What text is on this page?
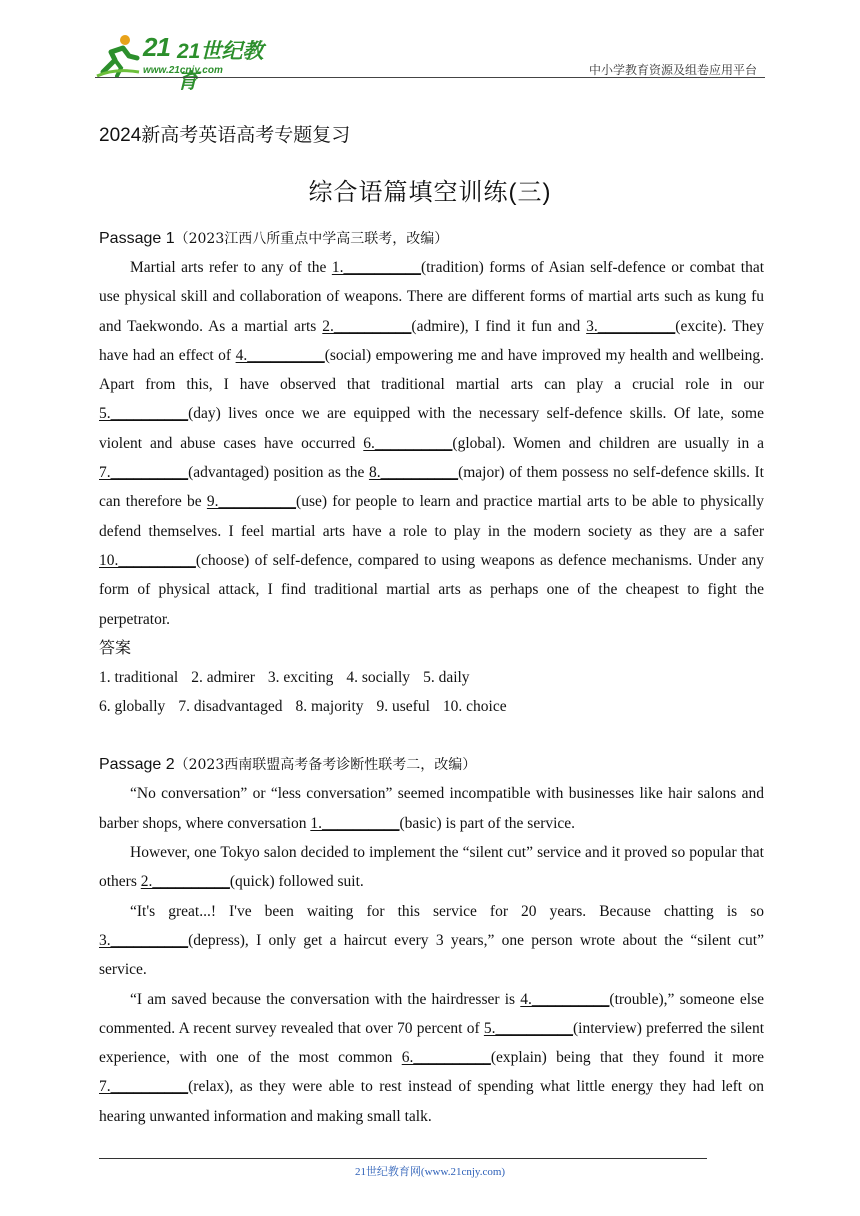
21 21世纪教育
www.21cnjy.com	中小学教育资源及组卷应用平台
2024新高考英语高考专题复习
综合语篇填空训练(三)

Passage 1（2023江西八所重点中学高三联考，改编）

Martial arts refer to any of the 1.__________(tradition) forms of Asian self-defence or combat that use physical skill and collaboration of weapons. There are different forms of martial arts such as kung fu and Taekwondo. As a martial arts 2.__________(admire), I find it fun and 3.__________(excite). They have had an effect of 4.__________(social) empowering me and have improved my health and wellbeing. Apart from this, I have observed that traditional martial arts can play a crucial role in our 5.__________(day) lives once we are equipped with the necessary self-defence skills. Of late, some violent and abuse cases have occurred 6.__________(global). Women and children are usually in a 7.__________(advantaged) position as the 8.__________(major) of them possess no self-defence skills. It can therefore be 9.__________(use) for people to learn and practice martial arts to be able to physically defend themselves. I feel martial arts have a role to play in the modern society as they are a safer 10.__________(choose) of self-defence, compared to using weapons as defence mechanisms. Under any form of physical attack, I find traditional martial arts as perhaps one of the cheapest to fight the perpetrator.

答案

1. traditional 2. admirer 3. exciting 4. socially 5. daily

6. globally 7. disadvantaged 8. majority 9. useful 10. choice

Passage 2（2023西南联盟高考备考诊断性联考二，改编）

“No conversation” or “less conversation” seemed incompatible with businesses like hair salons and barber shops, where conversation 1.__________(basic) is part of the service.

However, one Tokyo salon decided to implement the “silent cut” service and it proved so popular that others 2.__________(quick) followed suit.

“It's great...! I've been waiting for this service for 20 years. Because chatting is so 3.__________(depress), I only get a haircut every 3 years,” one person wrote about the “silent cut” service.

“I am saved because the conversation with the hairdresser is 4.__________(trouble),” someone else commented. A recent survey revealed that over 70 percent of 5.__________(interview) preferred the silent experience, with one of the most common 6.__________(explain) being that they found it more 7.__________(relax), as they were able to rest instead of spending what little energy they had left on hearing unwanted information and making small talk.

21世纪教育网(www.21cnjy.com)
